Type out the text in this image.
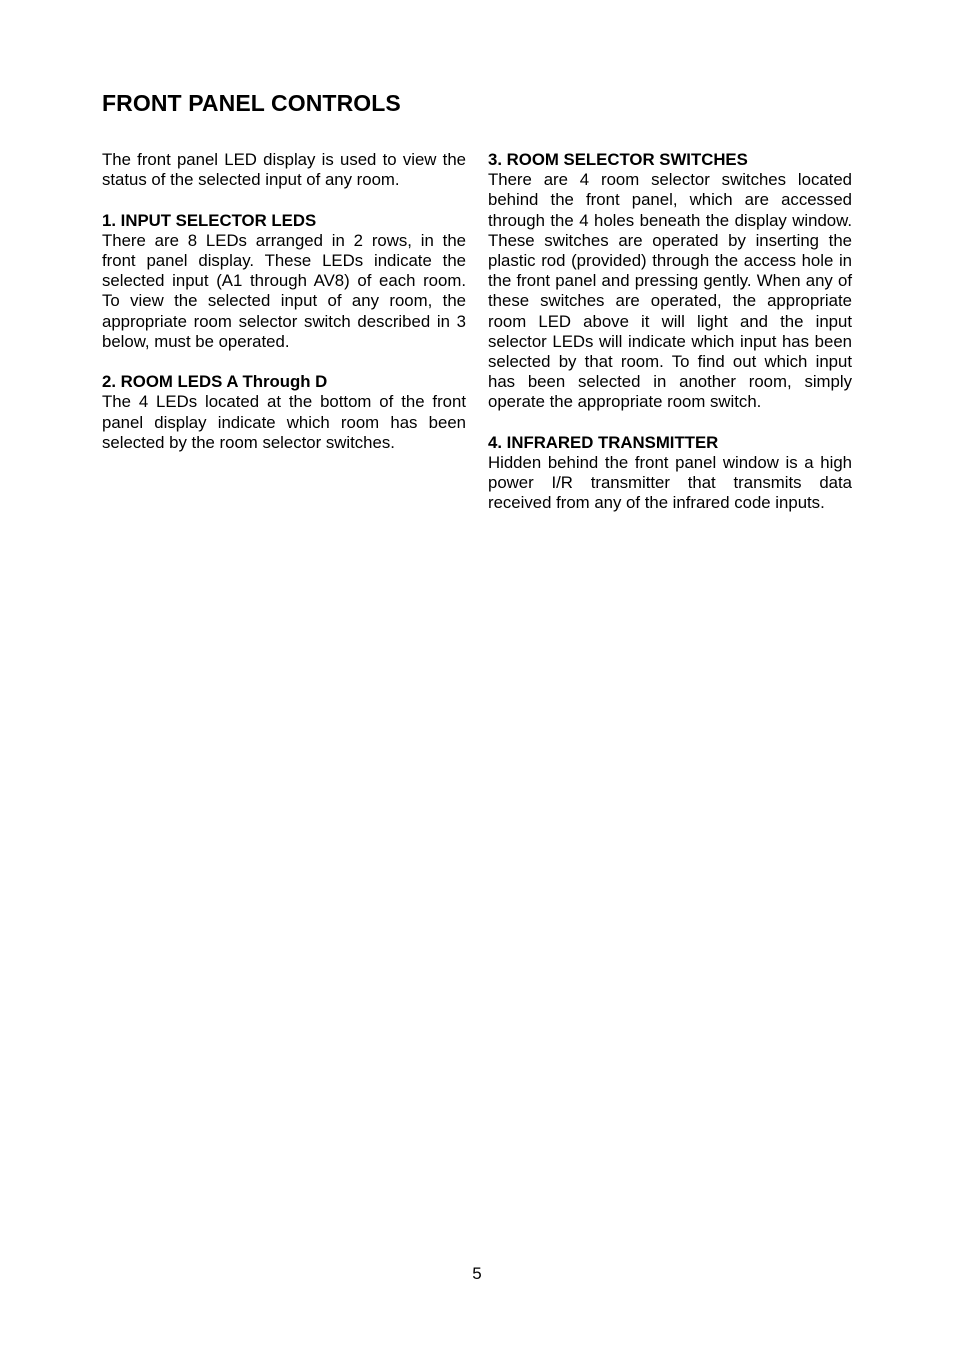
FRONT PANEL CONTROLS

The front panel LED display is used to view the status of the selected input of any room.

1. INPUT SELECTOR LEDS

There are 8 LEDs arranged in 2 rows, in the front panel display. These LEDs indicate the selected input (A1 through AV8) of each room. To view the selected input of any room, the appropriate room selector switch described in 3 below, must be operated.

2. ROOM LEDS A Through D

The 4 LEDs located at the bottom of the front panel display indicate which room has been selected by the room selector switches.

3. ROOM SELECTOR SWITCHES

There are 4 room selector switches located behind the front panel, which are accessed through the 4 holes beneath the display window. These switches are operated by inserting the plastic rod (provided) through the access hole in the front panel and pressing gently. When any of these switches are operated, the appropriate room LED above it will light and the input selector LEDs will indicate which input has been selected by that room. To find out which input has been selected in another room, simply operate the appropriate room switch.

4. INFRARED TRANSMITTER

Hidden behind the front panel window is a high power I/R transmitter that transmits data received from any of the infrared code inputs.

5
